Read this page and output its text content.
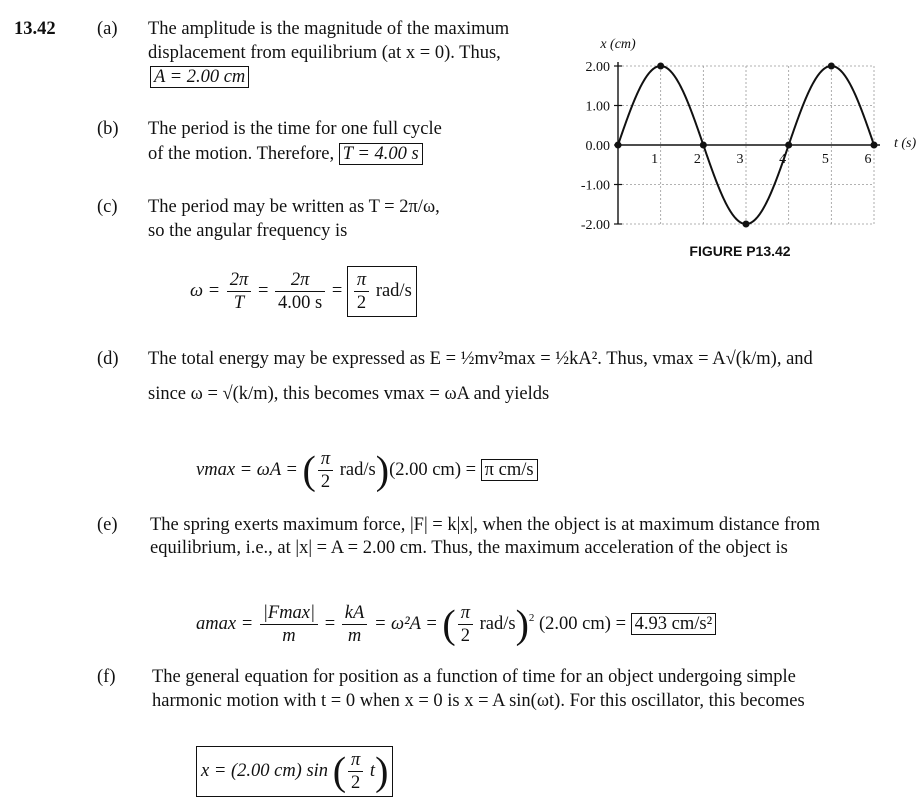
13.42 (a) The amplitude is the magnitude of the maximum
displacement from equilibrium (at x = 0). Thus,
A = 2.00 cm
(b) The period is the time for one full cycle
of the motion. Therefore, T = 4.00 s
(c) The period may be written as T = 2π/ω,
so the angular frequency is
$\omega = \frac{2\pi}{T} = \frac{2\pi}{4.00 s} = \frac{\pi}{2} rad/s$
(d) The total energy may be expressed as E = ½mv²max = ½kA². Thus, vmax = A√(k/m), and
since ω = √(k/m), this becomes vmax = ωA and yields
vmax = ωA = ( $\frac{\pi}{2} rad/s)(2.00$ cm) = π cm/s
(e) The spring exerts maximum force, |F| = k|x|, when the object is at maximum distance from
equilibrium, i.e., at |x| = A = 2.00 cm. Thus, the maximum acceleration of the object is
$amax = \frac{|Fmax|}{m} = \frac{kA}{m} = \omega^2A$ = ( $\frac{\pi}{2} rad/s)^2$ (2.00 cm) = 4.93 cm/s²
(f) The general equation for position as a function of time for an object undergoing simple
harmonic motion with t = 0 when x = 0 is x = A sin(ωt). For this oscillator, this becomes
x = (2.00 cm) sin ( $\frac{\pi}{2} t$)
x (cm)
t (s)
FIGURE P13.42
2.00
1.00
0.00
-1.00
-2.00
1	2	3	4	5	6
